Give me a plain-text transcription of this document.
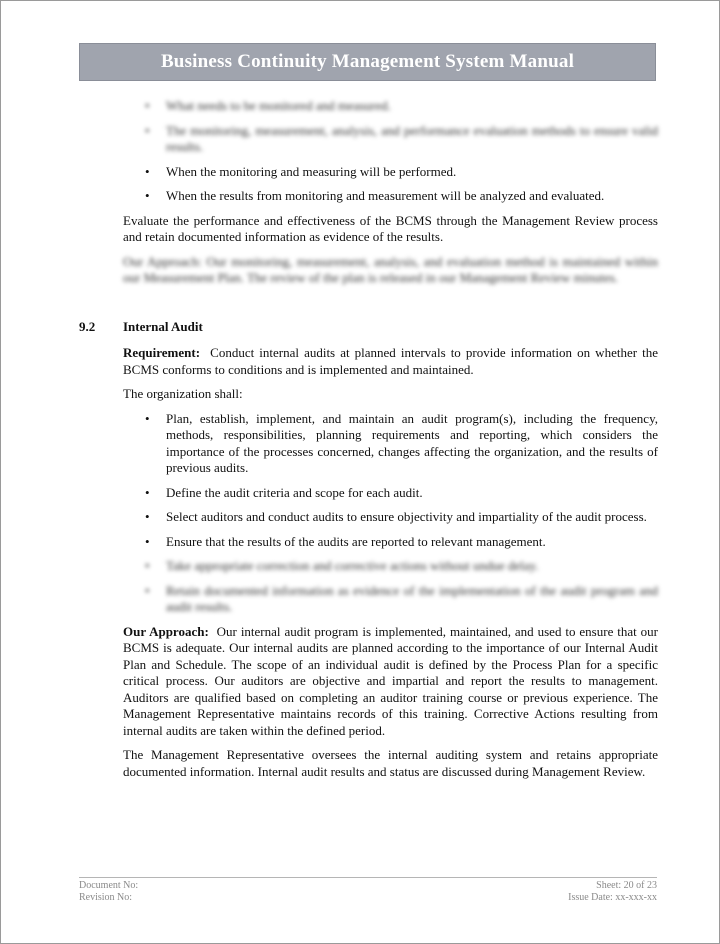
Business Continuity Management System Manual
• What needs to be monitored and measured.
• The monitoring, measurement, analysis, and performance evaluation methods to ensure valid results.
• When the monitoring and measuring will be performed.
• When the results from monitoring and measurement will be analyzed and evaluated.

Evaluate the performance and effectiveness of the BCMS through the Management Review process and retain documented information as evidence of the results.

Our Approach: Our monitoring, measurement, analysis, and evaluation method is maintained within our Measurement Plan. The review of the plan is released in our Management Review minutes.

9.2 Internal Audit

Requirement: Conduct internal audits at planned intervals to provide information on whether the BCMS conforms to conditions and is implemented and maintained.

The organization shall:

• Plan, establish, implement, and maintain an audit program(s), including the frequency, methods, responsibilities, planning requirements and reporting, which considers the importance of the processes concerned, changes affecting the organization, and the results of previous audits.
• Define the audit criteria and scope for each audit.
• Select auditors and conduct audits to ensure objectivity and impartiality of the audit process.
• Ensure that the results of the audits are reported to relevant management.
• Take appropriate correction and corrective actions without undue delay.
• Retain documented information as evidence of the implementation of the audit program and audit results.

Our Approach: Our internal audit program is implemented, maintained, and used to ensure that our BCMS is adequate. Our internal audits are planned according to the importance of our Internal Audit Plan and Schedule. The scope of an individual audit is defined by the Process Plan for a specific critical process. Our auditors are objective and impartial and report the results to management. Auditors are qualified based on completing an auditor training course or previous experience. The Management Representative maintains records of this training. Corrective Actions resulting from internal audits are taken within the defined period.

The Management Representative oversees the internal auditing system and retains appropriate documented information. Internal audit results and status are discussed during Management Review.

Document No:	Sheet: 20 of 23
Revision No:	Issue Date: xx-xxx-xx
